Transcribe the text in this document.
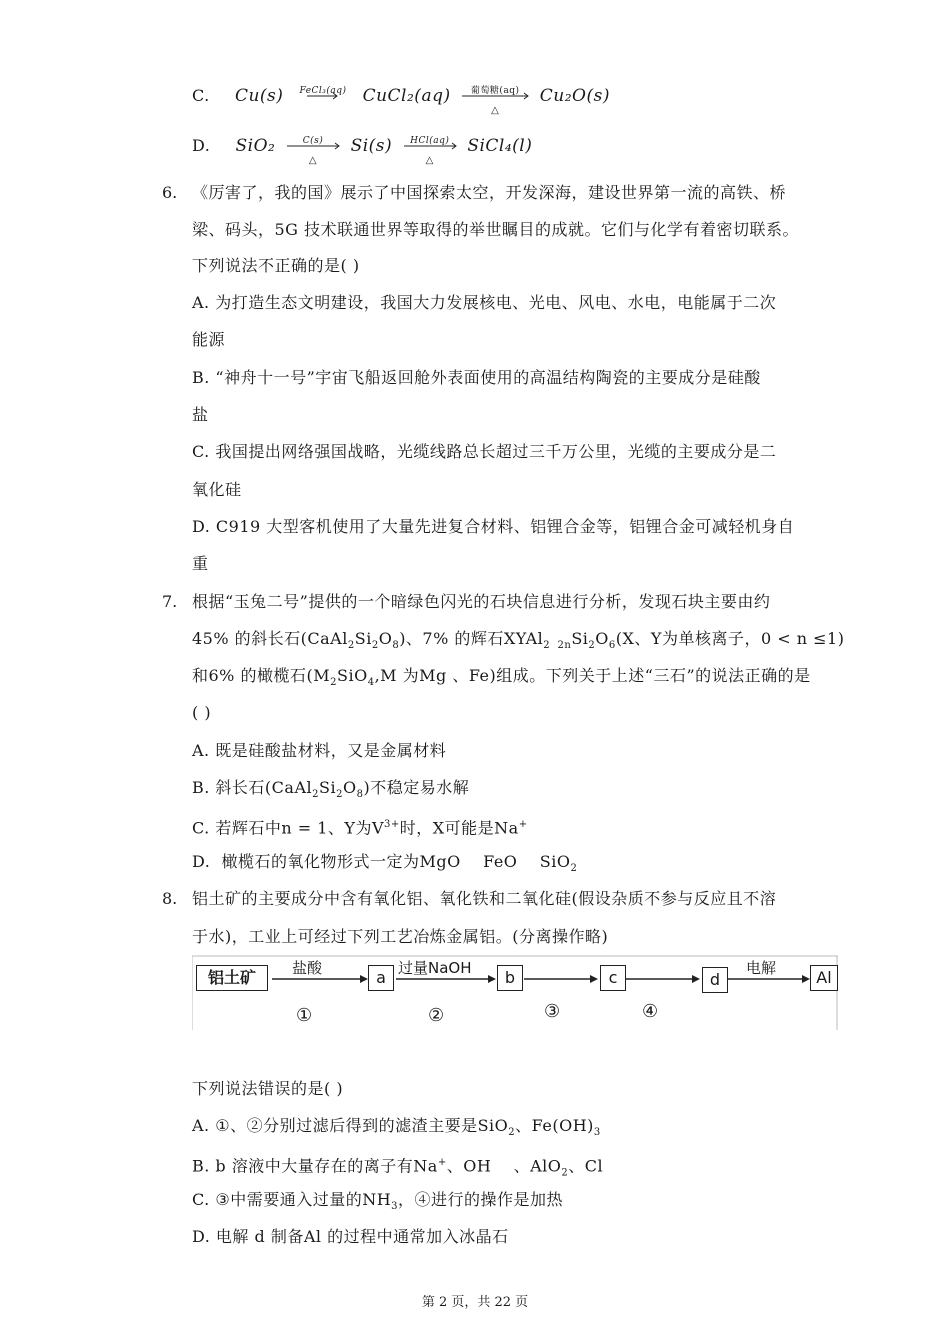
C. Cu(s)	FeCl₃(aq) CuCl₂(aq)	葡萄糖(aq)
△
Cu₂O(s)
D. SiO₂	C(s)
△
Si(s)	HCl(aq)
△
SiCl₄(l)
6. 《厉害了，我的国》展示了中国探索太空，开发深海，建设世界第一流的高铁、桥
梁、码头，5G 技术联通世界等取得的举世瞩目的成就。它们与化学有着密切联系。
下列说法不正确的是( )
A. 为打造生态文明建设，我国大力发展核电、光电、风电、水电，电能属于二次
能源
B. “神舟十一号”宇宙飞船返回舱外表面使用的高温结构陶瓷的主要成分是硅酸
盐
C. 我国提出网络强国战略，光缆线路总长超过三千万公里，光缆的主要成分是二
氧化硅
D. C919 大型客机使用了大量先进复合材料、铝锂合金等，铝锂合金可减轻机身自
重
7. 根据“玉兔二号”提供的一个暗绿色闪光的石块信息进行分析，发现石块主要由约
45% 的斜长石$(CaAl_2Si_2O_8)$、7% 的辉石$XYAl_{2 2n}Si_2O_6(X$、Y为单核离子，0 < n ≤1)
和6% 的橄榄石($M_2SiO_4,M$ 为Mg 、Fe)组成。下列关于上述“三石”的说法正确的是
( )
A. 既是硅酸盐材料，又是金属材料
B. 斜长石$(CaAl_2Si_2O_8)$不稳定易水解
C. 若辉石中n = 1、Y为$V^{3+}$时，X可能是Na+
D.  橄榄石的氧化物形式一定为MgO    FeO    SiO$_2$
8. 铝土矿的主要成分中含有氧化铝、氧化铁和二氧化硅(假设杂质不参与反应且不溶
于水)，工业上可经过下列工艺冶炼金属铝。(分离操作略)
铝土矿	盐酸	a 过量NaOH	b	c	d
电解	Al
①	②	③	④
下列说法错误的是( )
A. ①、②分别过滤后得到的滤渣主要是SiO$_2$、$Fe(OH)_3$
B. b 溶液中大量存在的离子有Na+、OH    、AlO$_2$、Cl
C. ③中需要通入过量的$NH_3$，④进行的操作是加热
D. 电解 d 制备Al 的过程中通常加入冰晶石
第 2 页，共 22 页
